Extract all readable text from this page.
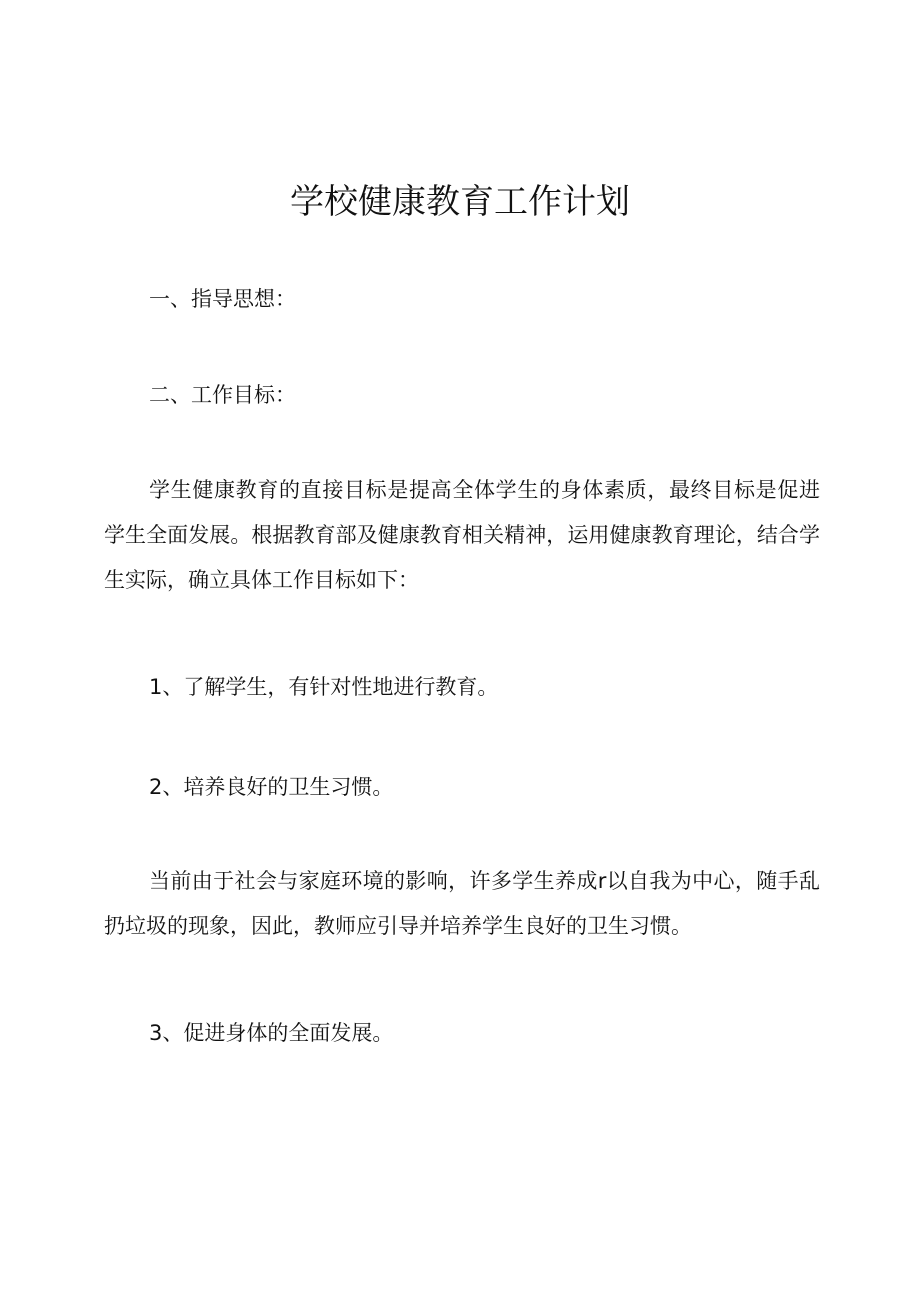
学校健康教育工作计划
一、指导思想：
二、工作目标：
学生健康教育的直接目标是提高全体学生的身体素质，最终目标是促进学生全面发展。根据教育部及健康教育相关精神，运用健康教育理论，结合学生实际，确立具体工作目标如下：
1、了解学生，有针对性地进行教育。
2、培养良好的卫生习惯。
当前由于社会与家庭环境的影响，许多学生养成r以自我为中心，随手乱扔垃圾的现象，因此，教师应引导并培养学生良好的卫生习惯。
3、促进身体的全面发展。
